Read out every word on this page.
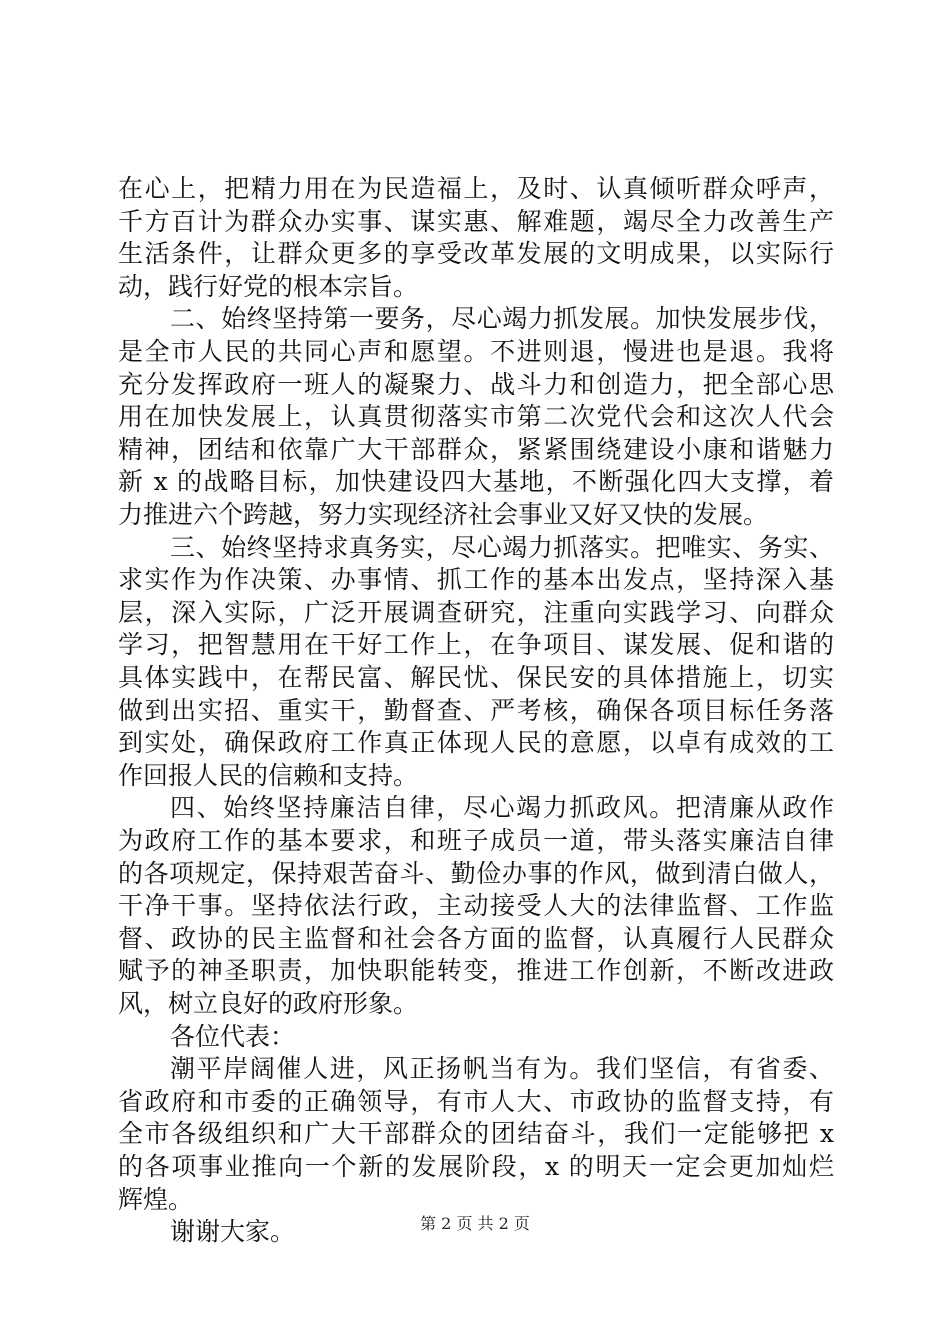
在心上，把精力用在为民造福上，及时、认真倾听群众呼声，
千方百计为群众办实事、谋实惠、解难题，竭尽全力改善生产
生活条件，让群众更多的享受改革发展的文明成果，以实际行
动，践行好党的根本宗旨。
二、始终坚持第一要务，尽心竭力抓发展。加快发展步伐，
是全市人民的共同心声和愿望。不进则退，慢进也是退。我将
充分发挥政府一班人的凝聚力、战斗力和创造力，把全部心思
用在加快发展上，认真贯彻落实市第二次党代会和这次人代会
精神，团结和依靠广大干部群众，紧紧围绕建设小康和谐魅力
新 x 的战略目标，加快建设四大基地，不断强化四大支撑，着
力推进六个跨越，努力实现经济社会事业又好又快的发展。
三、始终坚持求真务实，尽心竭力抓落实。把唯实、务实、
求实作为作决策、办事情、抓工作的基本出发点，坚持深入基
层，深入实际，广泛开展调查研究，注重向实践学习、向群众
学习，把智慧用在干好工作上，在争项目、谋发展、促和谐的
具体实践中，在帮民富、解民忧、保民安的具体措施上，切实
做到出实招、重实干，勤督查、严考核，确保各项目标任务落
到实处，确保政府工作真正体现人民的意愿，以卓有成效的工
作回报人民的信赖和支持。
四、始终坚持廉洁自律，尽心竭力抓政风。把清廉从政作
为政府工作的基本要求，和班子成员一道，带头落实廉洁自律
的各项规定，保持艰苦奋斗、勤俭办事的作风，做到清白做人，
干净干事。坚持依法行政，主动接受人大的法律监督、工作监
督、政协的民主监督和社会各方面的监督，认真履行人民群众
赋予的神圣职责，加快职能转变，推进工作创新，不断改进政
风，树立良好的政府形象。
各位代表：
潮平岸阔催人进，风正扬帆当有为。我们坚信，有省委、
省政府和市委的正确领导，有市人大、市政协的监督支持，有
全市各级组织和广大干部群众的团结奋斗，我们一定能够把 x
的各项事业推向一个新的发展阶段，x 的明天一定会更加灿烂
辉煌。
谢谢大家。	第 2 页 共 2 页
